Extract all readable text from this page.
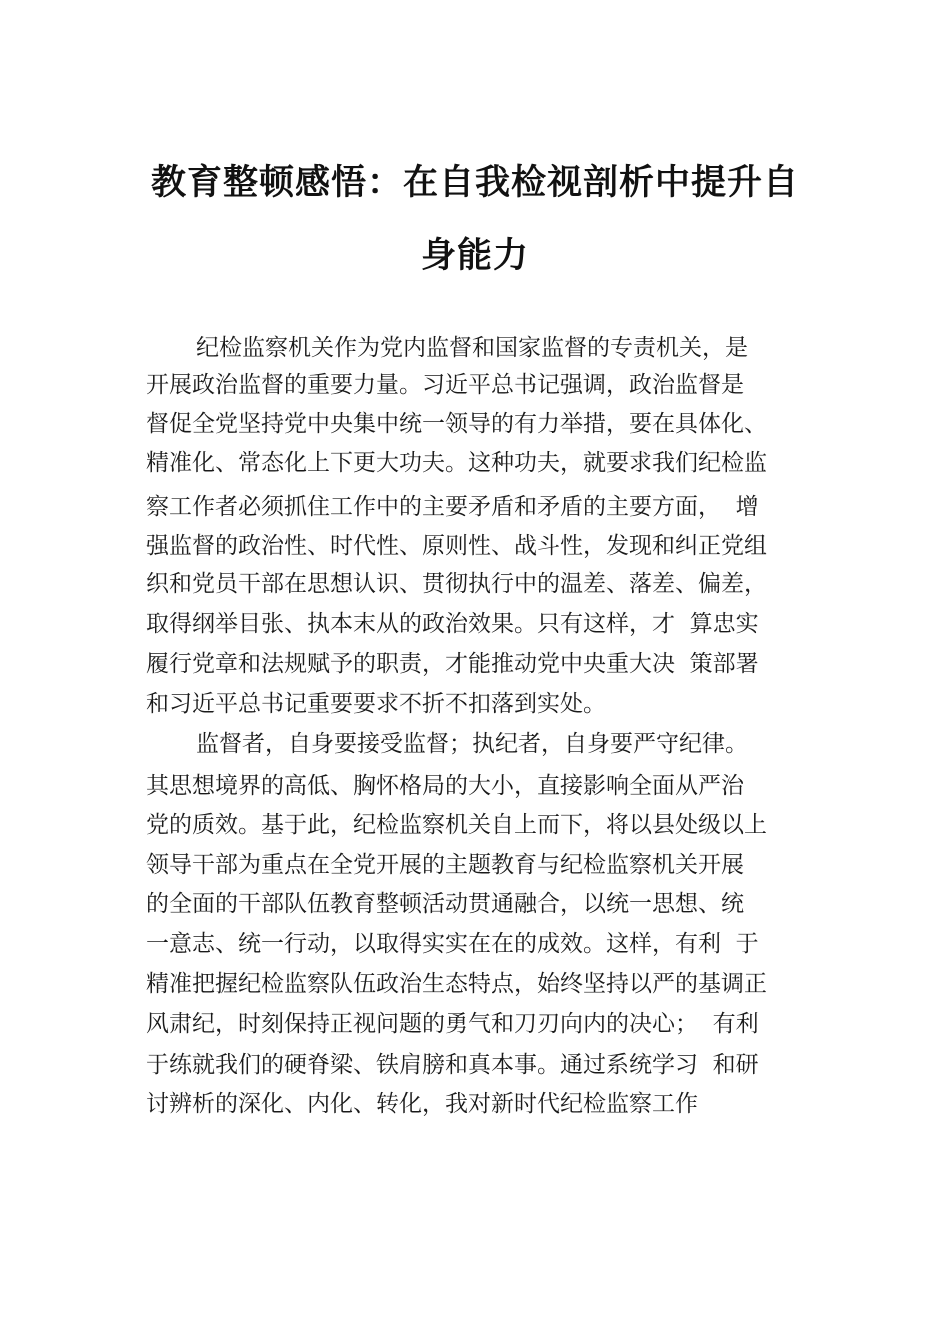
教育整顿感悟：在自我检视剖析中提升自
身能力
纪检监察机关作为党内监督和国家监督的专责机关，是
开展政治监督的重要力量。习近平总书记强调，政治监督是
督促全党坚持党中央集中统一领导的有力举措，要在具体化、
精准化、常态化上下更大功夫。这种功夫，就要求我们纪检监
察工作者必须抓住工作中的主要矛盾和矛盾的主要方面，  增
强监督的政治性、时代性、原则性、战斗性，发现和纠正党组
织和党员干部在思想认识、贯彻执行中的温差、落差、偏差，
取得纲举目张、执本末从的政治效果。只有这样，才  算忠实
履行党章和法规赋予的职责，才能推动党中央重大决  策部署
和习近平总书记重要要求不折不扣落到实处。
监督者，自身要接受监督；执纪者，自身要严守纪律。
其思想境界的高低、胸怀格局的大小，直接影响全面从严治
党的质效。基于此，纪检监察机关自上而下，将以县处级以上
领导干部为重点在全党开展的主题教育与纪检监察机关开展
的全面的干部队伍教育整顿活动贯通融合，以统一思想、统
一意志、统一行动，以取得实实在在的成效。这样，有利  于
精准把握纪检监察队伍政治生态特点，始终坚持以严的基调正
风肃纪，时刻保持正视问题的勇气和刀刃向内的决心；  有利
于练就我们的硬脊梁、铁肩膀和真本事。通过系统学习  和研
讨辨析的深化、内化、转化，我对新时代纪检监察工作
